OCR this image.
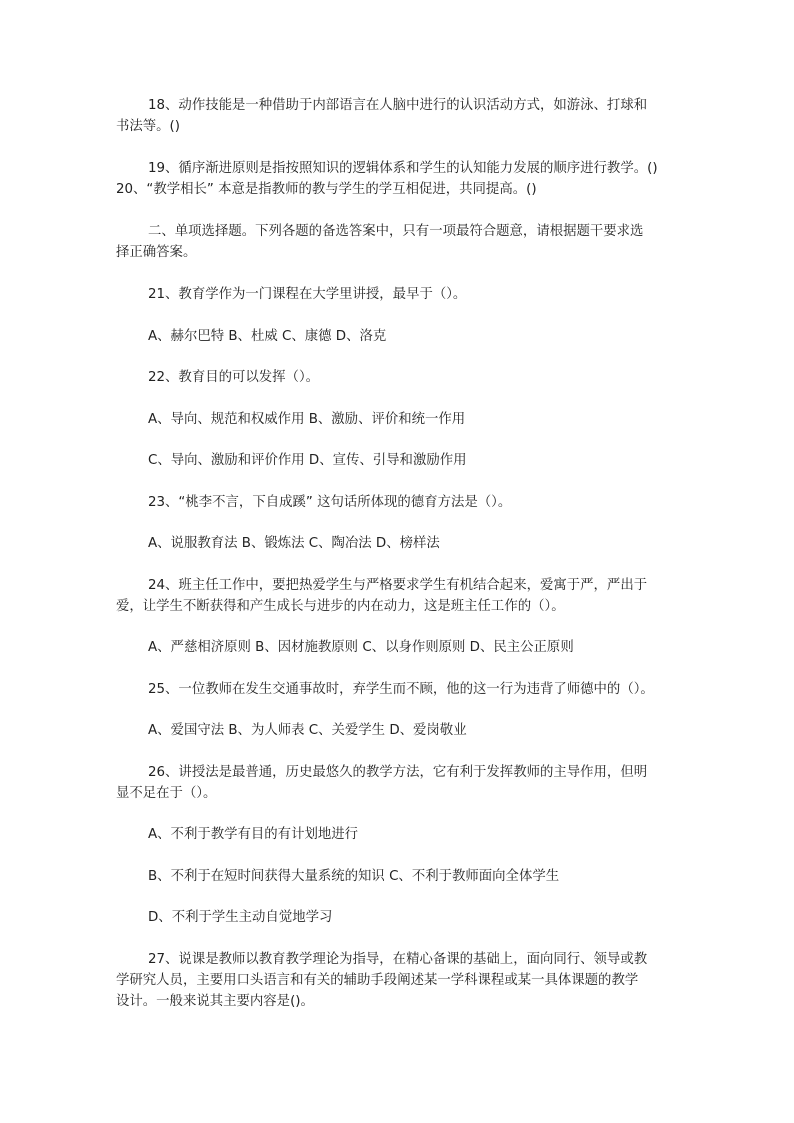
18、动作技能是一种借助于内部语言在人脑中进行的认识活动方式，如游泳、打球和
书法等。()
19、循序渐进原则是指按照知识的逻辑体系和学生的认知能力发展的顺序进行教学。()
20、“教学相长” 本意是指教师的教与学生的学互相促进，共同提高。()
二、单项选择题。下列各题的备选答案中，只有一项最符合题意，请根据题干要求选
择正确答案。
21、教育学作为一门课程在大学里讲授，最早于（）。
A、赫尔巴特 B、杜威 C、康德 D、洛克
22、教育目的可以发挥（）。
A、导向、规范和权威作用 B、激励、评价和统一作用
C、导向、激励和评价作用 D、宣传、引导和激励作用
23、“桃李不言，下自成蹊” 这句话所体现的德育方法是（）。
A、说服教育法 B、锻炼法 C、陶冶法 D、榜样法
24、班主任工作中，要把热爱学生与严格要求学生有机结合起来，爱寓于严，严出于
爱，让学生不断获得和产生成长与进步的内在动力，这是班主任工作的（）。
A、严慈相济原则 B、因材施教原则 C、以身作则原则 D、民主公正原则
25、一位教师在发生交通事故时，弃学生而不顾，他的这一行为违背了师德中的（）。
A、爱国守法 B、为人师表 C、关爱学生 D、爱岗敬业
26、讲授法是最普通，历史最悠久的教学方法，它有利于发挥教师的主导作用，但明
显不足在于（）。
A、不利于教学有目的有计划地进行
B、不利于在短时间获得大量系统的知识 C、不利于教师面向全体学生
D、不利于学生主动自觉地学习
27、说课是教师以教育教学理论为指导，在精心备课的基础上，面向同行、领导或教
学研究人员，主要用口头语言和有关的辅助手段阐述某一学科课程或某一具体课题的教学
设计。一般来说其主要内容是()。
